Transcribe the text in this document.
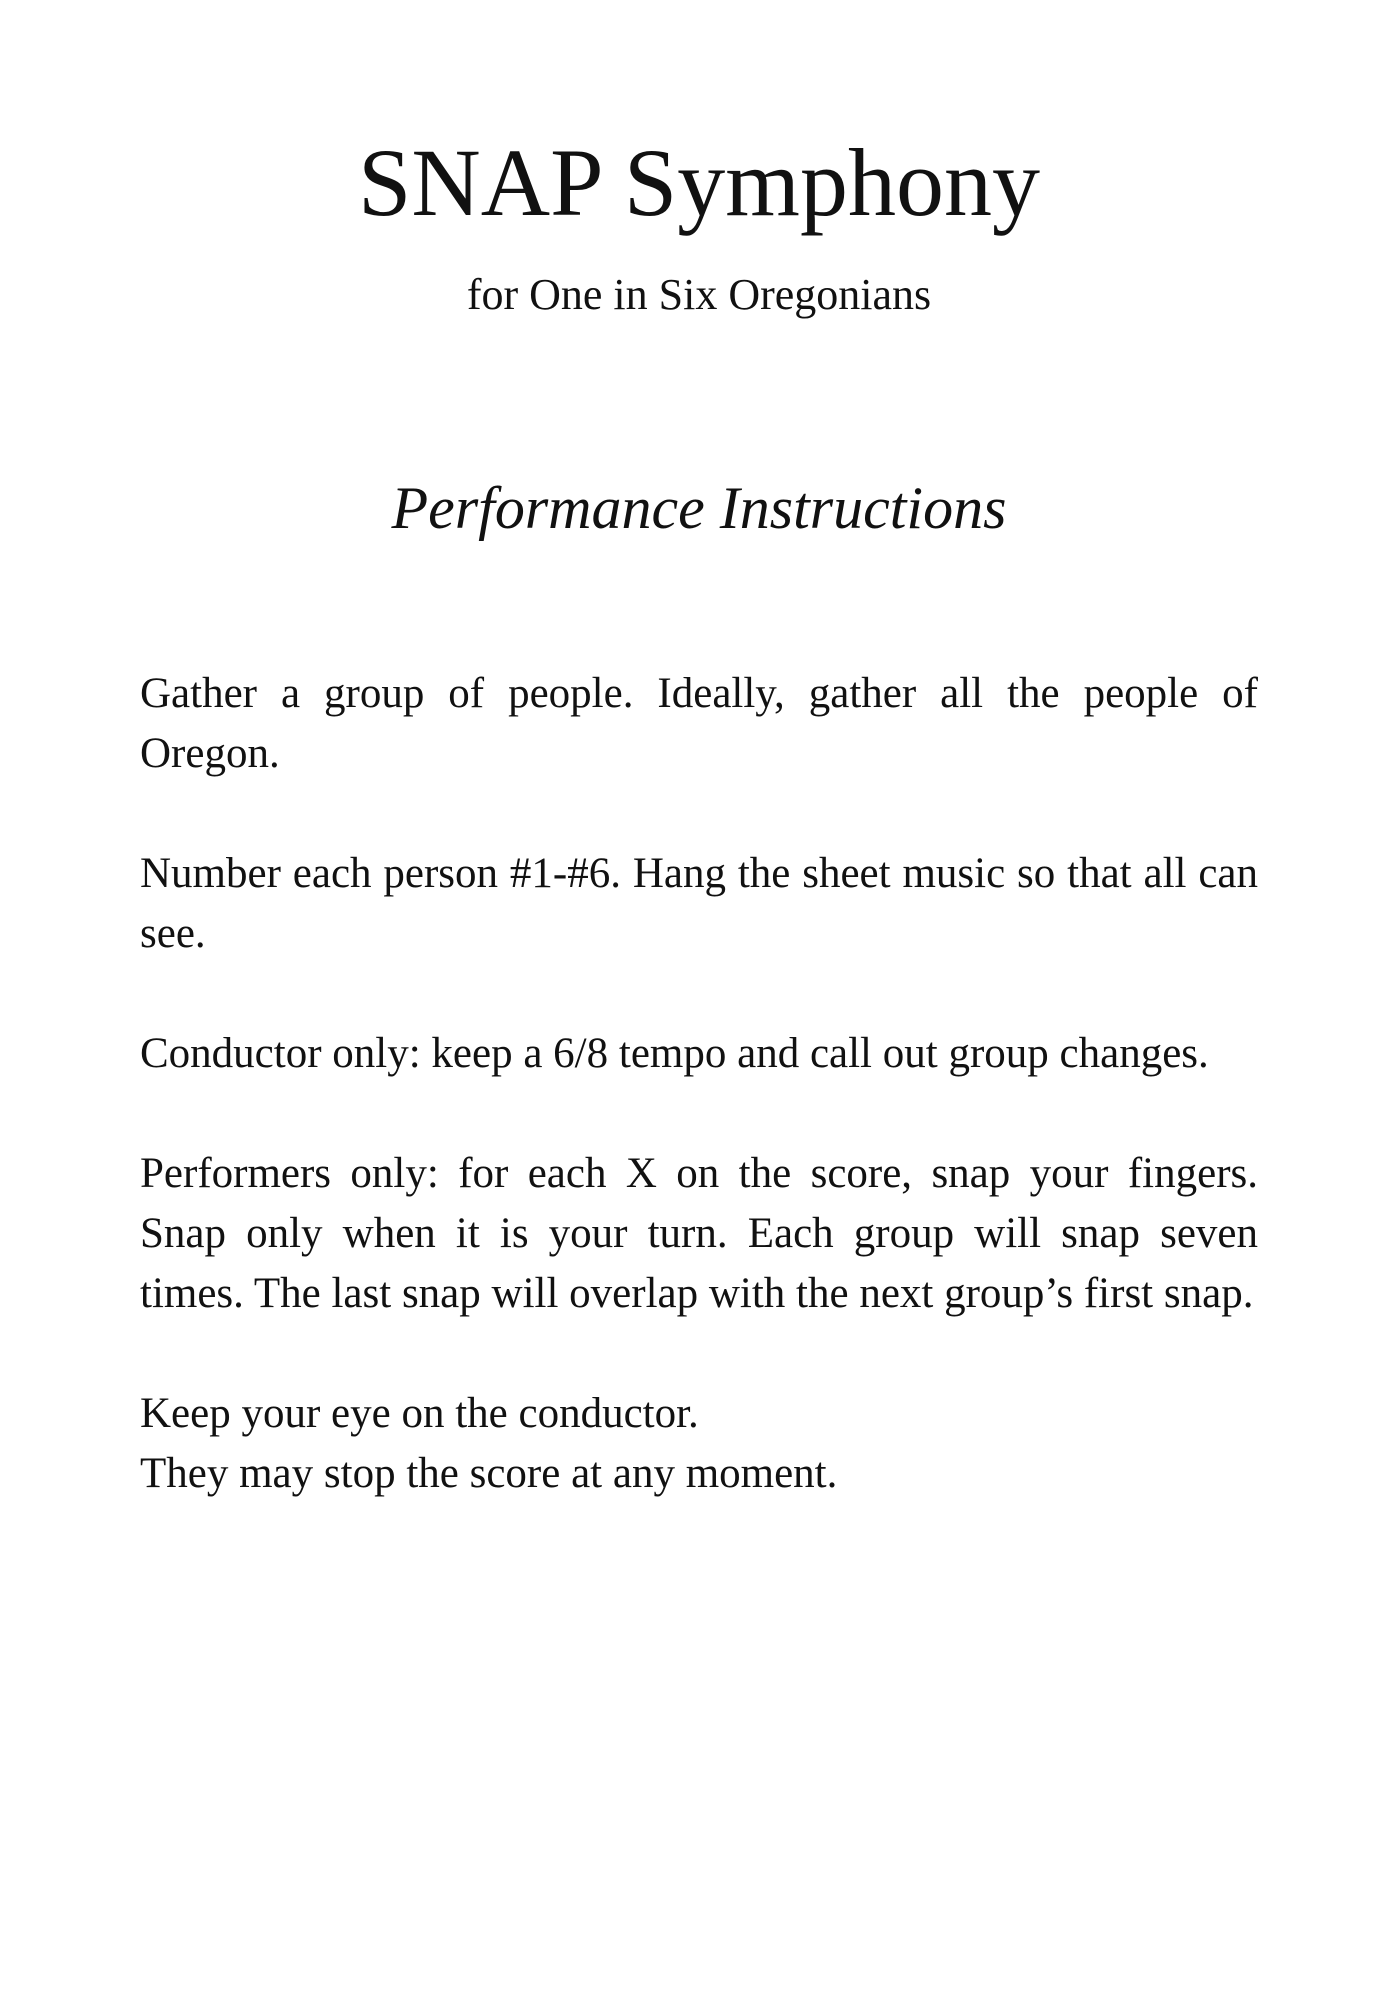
SNAP Symphony
for One in Six Oregonians
Performance Instructions

Gather a group of people. Ideally, gather all the people of Oregon.

Number each person #1-#6. Hang the sheet music so that all can see.

Conductor only: keep a 6/8 tempo and call out group changes.

Performers only: for each X on the score, snap your fingers. Snap only when it is your turn. Each group will snap seven times. The last snap will overlap with the next group’s first snap.

Keep your eye on the conductor.
They may stop the score at any moment.
